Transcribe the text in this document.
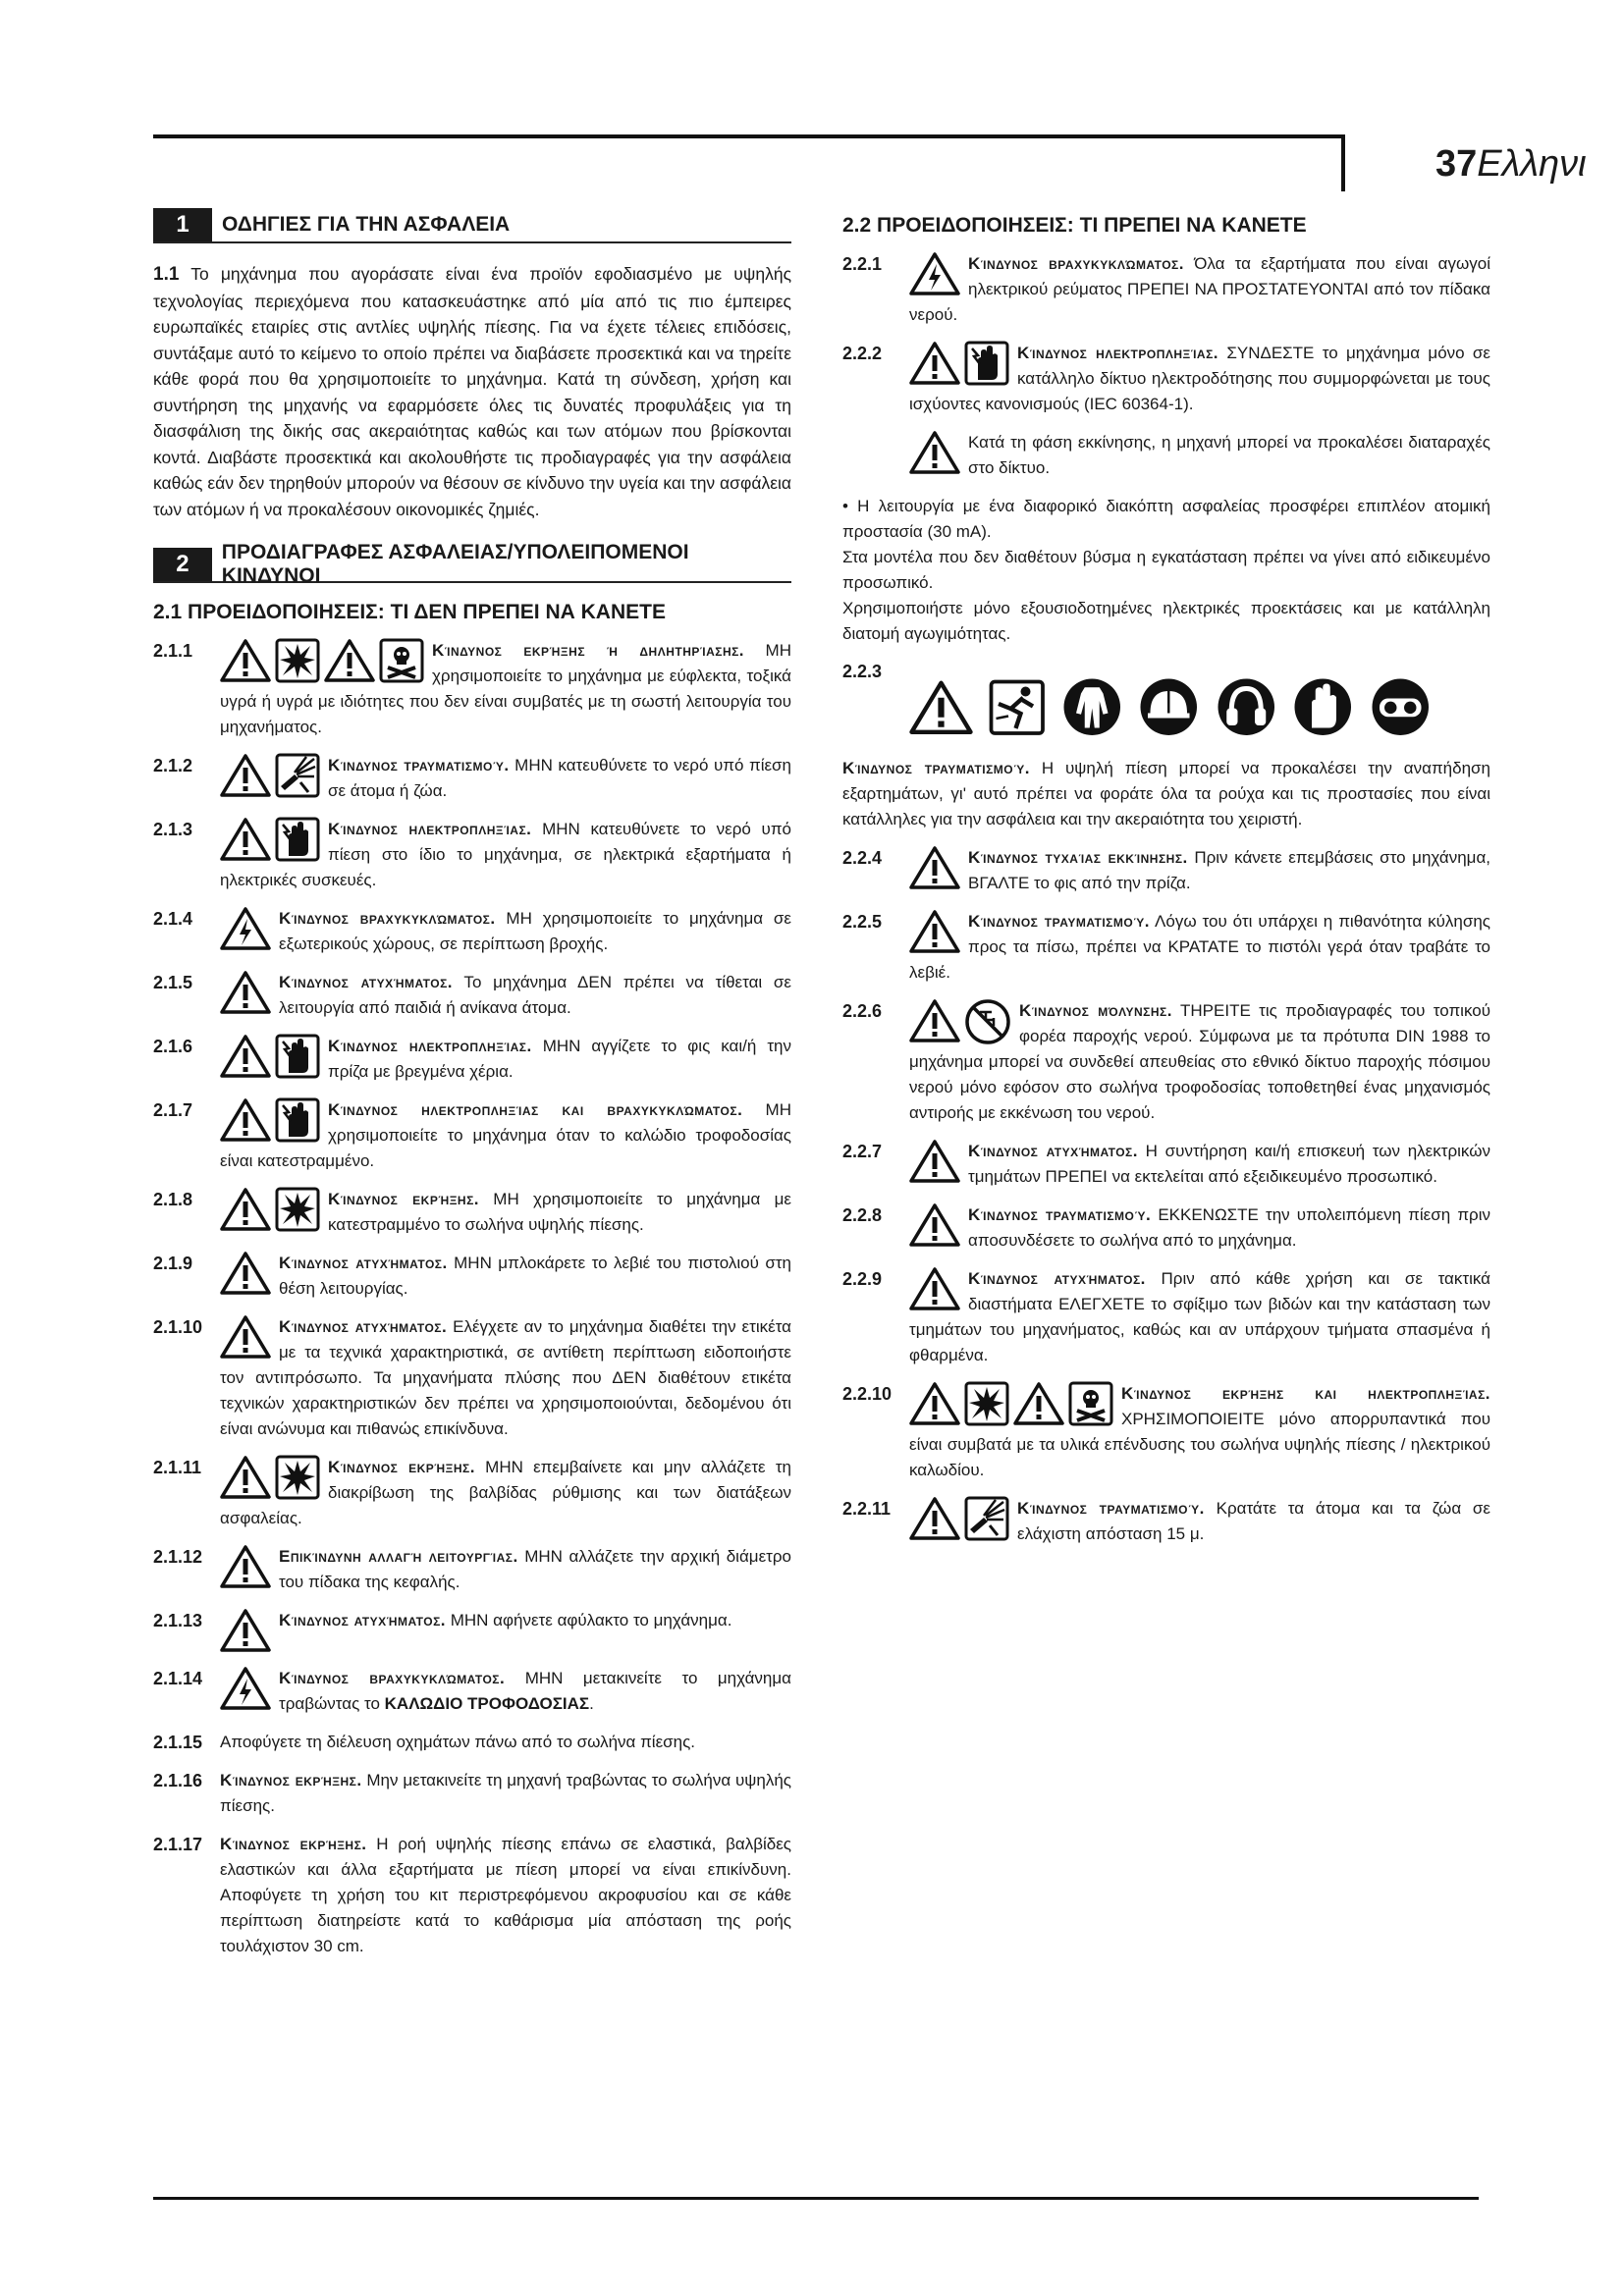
37Ελληνι
1	ΟΔΗΓΙΕΣ ΓΙΑ ΤΗΝ ΑΣΦΑΛΕΙΑ
1.1 Το μηχάνημα που αγοράσατε είναι ένα προϊόν εφοδιασμένο με υψηλής τεχνολογίας περιεχόμενα που κατασκευάστηκε από μία από τις πιο έμπειρες ευρωπαϊκές εταιρίες στις αντλίες υψηλής πίεσης. Για να έχετε τέλειες επιδόσεις, συντάξαμε αυτό το κείμενο το οποίο πρέπει να διαβάσετε προσεκτικά και να τηρείτε κάθε φορά που θα χρησιμοποιείτε το μηχάνημα. Κατά τη σύνδεση, χρήση και συντήρηση της μηχανής να εφαρμόσετε όλες τις δυνατές προφυλάξεις για τη διασφάλιση της δικής σας ακεραιότητας καθώς και των ατόμων που βρίσκονται κοντά. Διαβάστε προσεκτικά και ακολουθήστε τις προδιαγραφές για την ασφάλεια καθώς εάν δεν τηρηθούν μπορούν να θέσουν σε κίνδυνο την υγεία και την ασφάλεια των ατόμων ή να προκαλέσουν οικονομικές ζημιές.
2	ΠΡΟΔΙΑΓΡΑΦΕΣ ΑΣΦΑΛΕΙΑΣ/ΥΠΟΛΕΙΠΟΜΕΝΟΙ ΚΙΝΔΥΝΟΙ
2.1 ΠΡΟΕΙΔΟΠΟΙΗΣΕΙΣ: ΤΙ ΔΕΝ ΠΡΕΠΕΙ ΝΑ ΚΑΝΕΤΕ
2.1.1	Κίνδυνος εκρήξης ή δηλητηρίασης. ΜΗ χρησιμοποιείτε το μηχάνημα με εύφλεκτα, τοξικά υγρά ή υγρά με ιδιότητες που δεν είναι συμβατές με τη σωστή λειτουργία του μηχανήματος.
2.1.2	Κίνδυνος τραυματισμού. ΜΗΝ κατευθύνετε το νερό υπό πίεση σε άτομα ή ζώα.
2.1.3	Κίνδυνος ηλεκτροπληξίας. ΜΗΝ κατευθύνετε το νερό υπό πίεση στο ίδιο το μηχάνημα, σε ηλεκτρικά εξαρτήματα ή ηλεκτρικές συσκευές.
2.1.4	Κίνδυνος βραχυκυκλώματος. ΜΗ χρησιμοποιείτε το μηχάνημα σε εξωτερικούς χώρους, σε περίπτωση βροχής.
2.1.5	Κίνδυνος ατυχήματος. Το μηχάνημα ΔΕΝ πρέπει να τίθεται σε λειτουργία από παιδιά ή ανίκανα άτομα.
2.1.6	Κίνδυνος ηλεκτροπληξίας. ΜΗΝ αγγίζετε το φις και/ή την πρίζα με βρεγμένα χέρια.
2.1.7	Κίνδυνος ηλεκτροπληξίας και βραχυκυκλώματος. ΜΗ χρησιμοποιείτε το μηχάνημα όταν το καλώδιο τροφοδοσίας είναι κατεστραμμένο.
2.1.8	Κίνδυνος εκρήξης. ΜΗ χρησιμοποιείτε το μηχάνημα με κατεστραμμένο το σωλήνα υψηλής πίεσης.
2.1.9	Κίνδυνος ατυχήματος. ΜΗΝ μπλοκάρετε το λεβιέ του πιστολιού στη θέση λειτουργίας.
2.1.10	Κίνδυνος ατυχήματος. Ελέγχετε αν το μηχάνημα διαθέτει την ετικέτα με τα τεχνικά χαρακτηριστικά, σε αντίθετη περίπτωση ειδοποιήστε τον αντιπρόσωπο. Τα μηχανήματα πλύσης που ΔΕΝ διαθέτουν ετικέτα τεχνικών χαρακτηριστικών δεν πρέπει να χρησιμοποιούνται, δεδομένου ότι είναι ανώνυμα και πιθανώς επικίνδυνα.
2.1.11	Κίνδυνος εκρήξης. ΜΗΝ επεμβαίνετε και μην αλλάζετε τη διακρίβωση της βαλβίδας ρύθμισης και των διατάξεων ασφαλείας.
2.1.12	Επικίνδυνη αλλαγή λειτουργίας. ΜΗΝ αλλάζετε την αρχική διάμετρο του πίδακα της κεφαλής.
2.1.13	Κίνδυνος ατυχήματος. ΜΗΝ αφήνετε αφύλακτο το μηχάνημα.
2.1.14	Κίνδυνος βραχυκυκλώματος. ΜΗΝ μετακινείτε το μηχάνημα τραβώντας το ΚΑΛΩΔΙΟ ΤΡΟΦΟΔΟΣΙΑΣ.
2.1.15	Αποφύγετε τη διέλευση οχημάτων πάνω από το σωλήνα πίεσης.
2.1.16	Κίνδυνος εκρήξης. Μην μετακινείτε τη μηχανή τραβώντας το σωλήνα υψηλής πίεσης.
2.1.17	Κίνδυνος εκρήξης. Η ροή υψηλής πίεσης επάνω σε ελαστικά, βαλβίδες ελαστικών και άλλα εξαρτήματα με πίεση μπορεί να είναι επικίνδυνη. Αποφύγετε τη χρήση του κιτ περιστρεφόμενου ακροφυσίου και σε κάθε περίπτωση διατηρείστε κατά το καθάρισμα μία απόσταση της ροής τουλάχιστον 30 cm.
2.2 ΠΡΟΕΙΔΟΠΟΙΗΣΕΙΣ: ΤΙ ΠΡΕΠΕΙ ΝΑ ΚΑΝΕΤΕ
2.2.1	Κίνδυνος βραχυκυκλώματος. Όλα τα εξαρτήματα που είναι αγωγοί ηλεκτρικού ρεύματος ΠΡΕΠΕΙ ΝΑ ΠΡΟΣΤΑΤΕΥΟΝΤΑΙ από τον πίδακα νερού.
2.2.2	Κίνδυνος ηλεκτροπληξίας. ΣΥΝΔΕΣΤΕ το μηχάνημα μόνο σε κατάλληλο δίκτυο ηλεκτροδότησης που συμμορφώνεται με τους ισχύοντες κανονισμούς (IEC 60364-1).
Κατά τη φάση εκκίνησης, η μηχανή μπορεί να προκαλέσει διαταραχές στο δίκτυο.
• Η λειτουργία με ένα διαφορικό διακόπτη ασφαλείας προσφέρει επιπλέον ατομική προστασία (30 mA).
Στα μοντέλα που δεν διαθέτουν βύσμα η εγκατάσταση πρέπει να γίνει από ειδικευμένο προσωπικό.
Χρησιμοποιήστε μόνο εξουσιοδοτημένες ηλεκτρικές προεκτάσεις και με κατάλληλη διατομή αγωγιμότητας.
2.2.3
Κίνδυνος τραυματισμού. Η υψηλή πίεση μπορεί να προκαλέσει την αναπήδηση εξαρτημάτων, γι' αυτό πρέπει να φοράτε όλα τα ρούχα και τις προστασίες που είναι κατάλληλες για την ασφάλεια και την ακεραιότητα του χειριστή.
2.2.4	Κίνδυνος τυχαίας εκκίνησης. Πριν κάνετε επεμβάσεις στο μηχάνημα, ΒΓΑΛΤΕ το φις από την πρίζα.
2.2.5	Κίνδυνος τραυματισμού. Λόγω του ότι υπάρχει η πιθανότητα κύλησης προς τα πίσω, πρέπει να ΚΡΑΤΑΤΕ το πιστόλι γερά όταν τραβάτε το λεβιέ.
2.2.6	Κίνδυνος μόλυνσης. ΤΗΡΕΙΤΕ τις προδιαγραφές του τοπικού φορέα παροχής νερού. Σύμφωνα με τα πρότυπα DIN 1988 το μηχάνημα μπορεί να συνδεθεί απευθείας στο εθνικό δίκτυο παροχής πόσιμου νερού μόνο εφόσον στο σωλήνα τροφοδοσίας τοποθετηθεί ένας μηχανισμός αντιροής με εκκένωση του νερού.
2.2.7	Κίνδυνος ατυχήματος. Η συντήρηση και/ή επισκευή των ηλεκτρικών τμημάτων ΠΡΕΠΕΙ να εκτελείται από εξειδικευμένο προσωπικό.
2.2.8	Κίνδυνος τραυματισμού. ΕΚΚΕΝΩΣΤΕ την υπολειπόμενη πίεση πριν αποσυνδέσετε το σωλήνα από το μηχάνημα.
2.2.9	Κίνδυνος ατυχήματος. Πριν από κάθε χρήση και σε τακτικά διαστήματα ΕΛΕΓΧΕΤΕ το σφίξιμο των βιδών και την κατάσταση των τμημάτων του μηχανήματος, καθώς και αν υπάρχουν τμήματα σπασμένα ή φθαρμένα.
2.2.10	Κίνδυνος εκρήξης και ηλεκτροπληξίας. ΧΡΗΣΙΜΟΠΟΙΕΙΤΕ μόνο απορρυπαντικά που είναι συμβατά με τα υλικά επένδυσης του σωλήνα υψηλής πίεσης / ηλεκτρικού καλωδίου.
2.2.11	Κίνδυνος τραυματισμού. Κρατάτε τα άτομα και τα ζώα σε ελάχιστη απόσταση 15 μ.
